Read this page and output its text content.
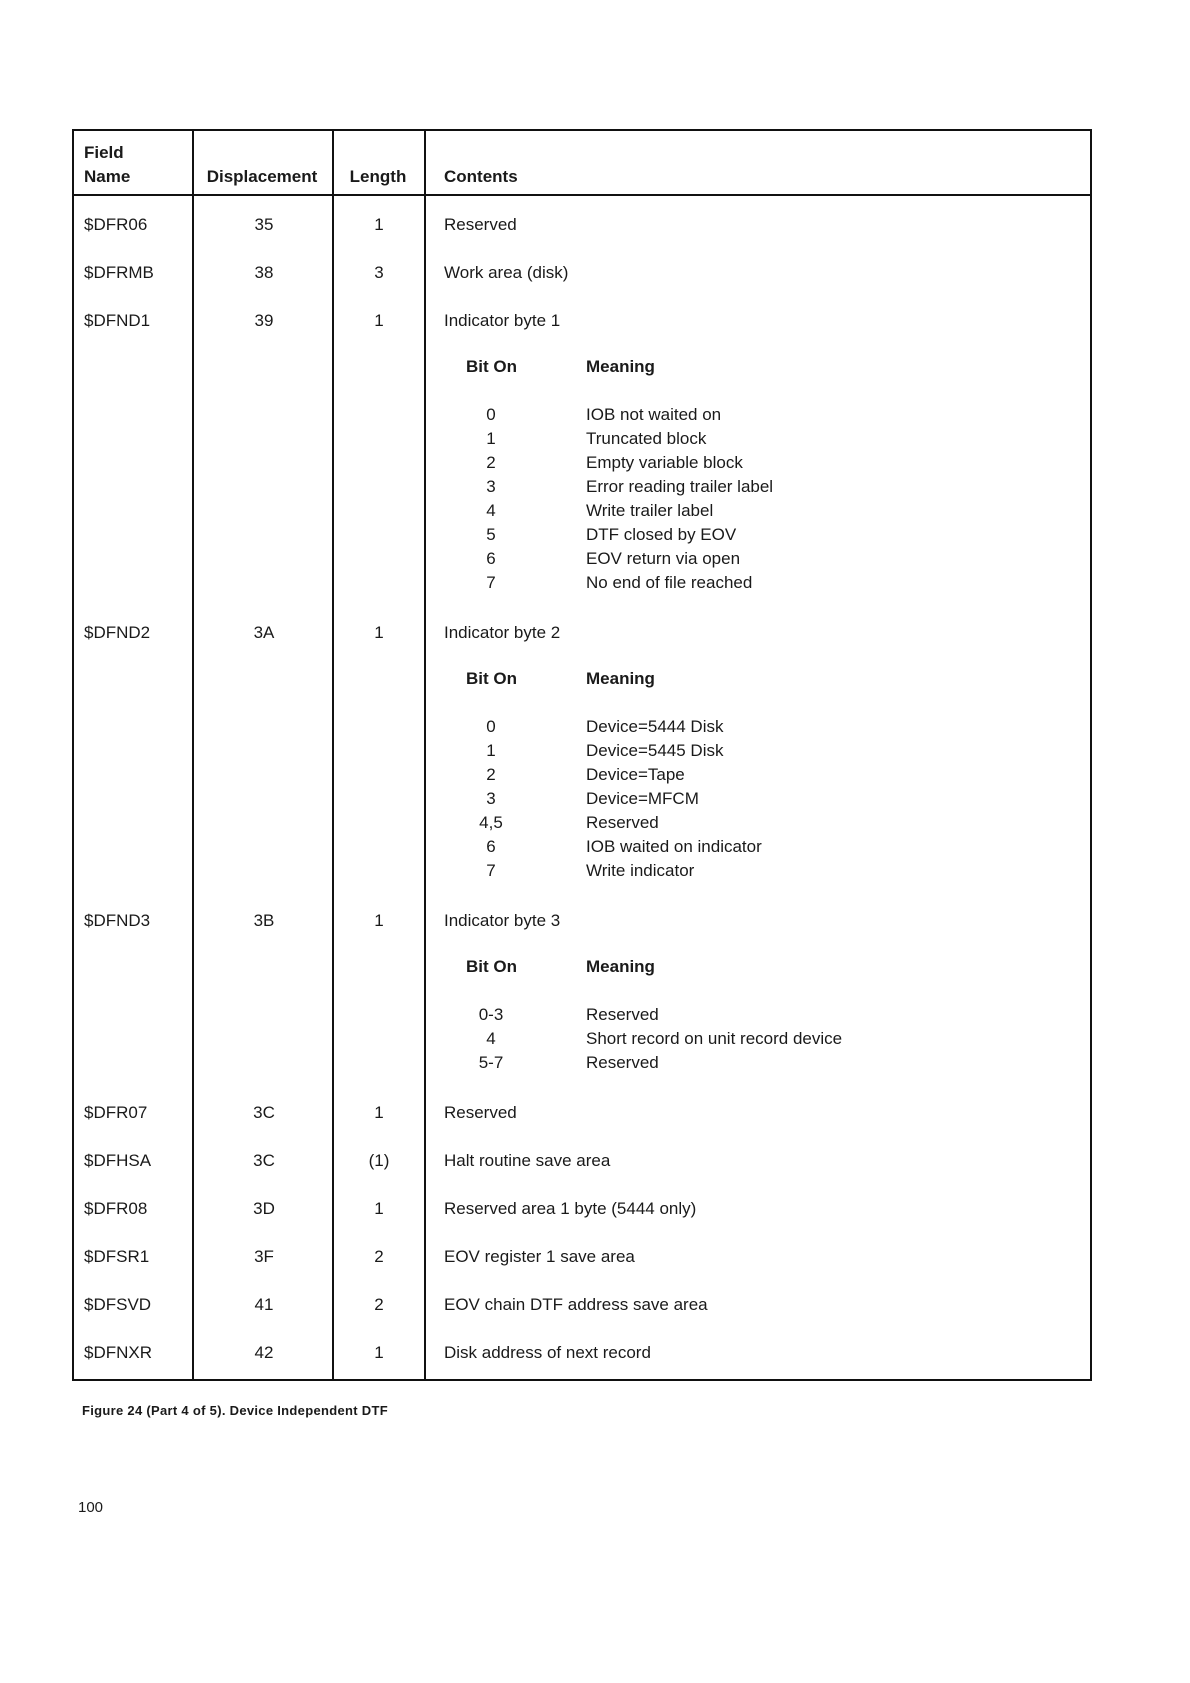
Field
Name	Displacement	Length	Contents
$DFR06	35	1	Reserved
$DFRMB	38	3	Work area (disk)
$DFND1	39	1	Indicator byte 1
Bit On	Meaning
0	IOB not waited on
1	Truncated block
2	Empty variable block
3	Error reading trailer label
4	Write trailer label
5	DTF closed by EOV
6	EOV return via open
7	No end of file reached
$DFND2	3A	1	Indicator byte 2
Bit On	Meaning
0	Device=5444 Disk
1	Device=5445 Disk
2	Device=Tape
3	Device=MFCM
4,5	Reserved
6	IOB waited on indicator
7	Write indicator
$DFND3	3B	1	Indicator byte 3
Bit On	Meaning
0-3	Reserved
4	Short record on unit record device
5-7	Reserved
$DFR07	3C	1	Reserved
$DFHSA	3C	(1)	Halt routine save area
$DFR08	3D	1	Reserved area 1 byte (5444 only)
$DFSR1	3F	2	EOV register 1 save area
$DFSVD	41	2	EOV chain DTF address save area
$DFNXR	42	1	Disk address of next record
Figure 24 (Part 4 of 5). Device Independent DTF
100
